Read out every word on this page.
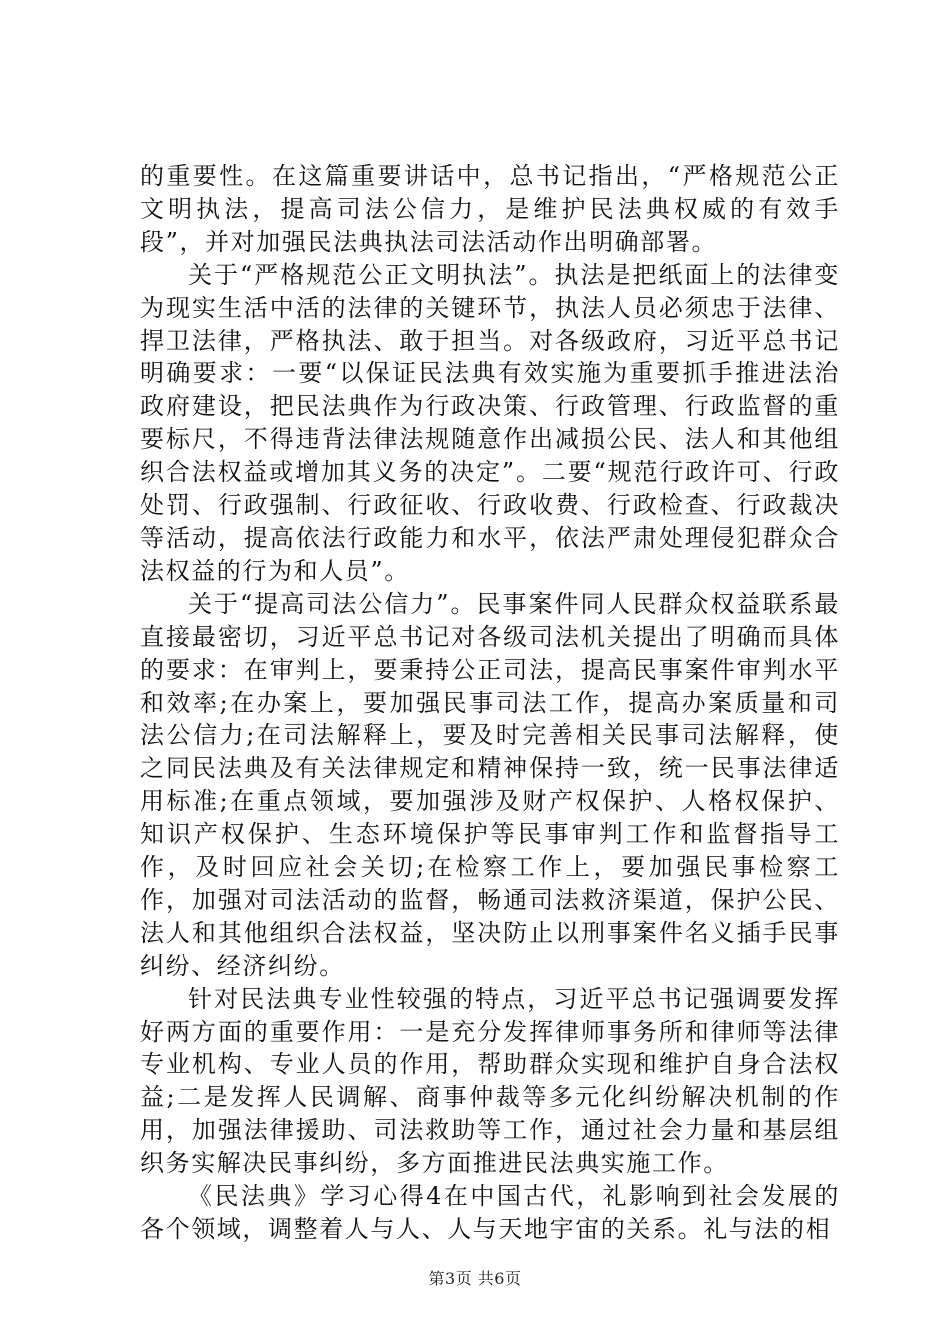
的重要性。在这篇重要讲话中，总书记指出，“严格规范公正文明执法，提高司法公信力，是维护民法典权威的有效手段”，并对加强民法典执法司法活动作出明确部署。

关于“严格规范公正文明执法”。执法是把纸面上的法律变为现实生活中活的法律的关键环节，执法人员必须忠于法律、捍卫法律，严格执法、敢于担当。对各级政府，习近平总书记明确要求：一要“以保证民法典有效实施为重要抓手推进法治政府建设，把民法典作为行政决策、行政管理、行政监督的重要标尺，不得违背法律法规随意作出减损公民、法人和其他组织合法权益或增加其义务的决定”。二要“规范行政许可、行政处罚、行政强制、行政征收、行政收费、行政检查、行政裁决等活动，提高依法行政能力和水平，依法严肃处理侵犯群众合法权益的行为和人员”。

关于“提高司法公信力”。民事案件同人民群众权益联系最直接最密切，习近平总书记对各级司法机关提出了明确而具体的要求：在审判上，要秉持公正司法，提高民事案件审判水平和效率;在办案上，要加强民事司法工作，提高办案质量和司法公信力;在司法解释上，要及时完善相关民事司法解释，使之同民法典及有关法律规定和精神保持一致，统一民事法律适用标准;在重点领域，要加强涉及财产权保护、人格权保护、知识产权保护、生态环境保护等民事审判工作和监督指导工作，及时回应社会关切;在检察工作上，要加强民事检察工作，加强对司法活动的监督，畅通司法救济渠道，保护公民、法人和其他组织合法权益，坚决防止以刑事案件名义插手民事纠纷、经济纠纷。

针对民法典专业性较强的特点，习近平总书记强调要发挥好两方面的重要作用：一是充分发挥律师事务所和律师等法律专业机构、专业人员的作用，帮助群众实现和维护自身合法权益;二是发挥人民调解、商事仲裁等多元化纠纷解决机制的作用，加强法律援助、司法救助等工作，通过社会力量和基层组织务实解决民事纠纷，多方面推进民法典实施工作。

《民法典》学习心得4在中国古代，礼影响到社会发展的各个领域，调整着人与人、人与天地宇宙的关系。礼与法的相

第3页 共6页
